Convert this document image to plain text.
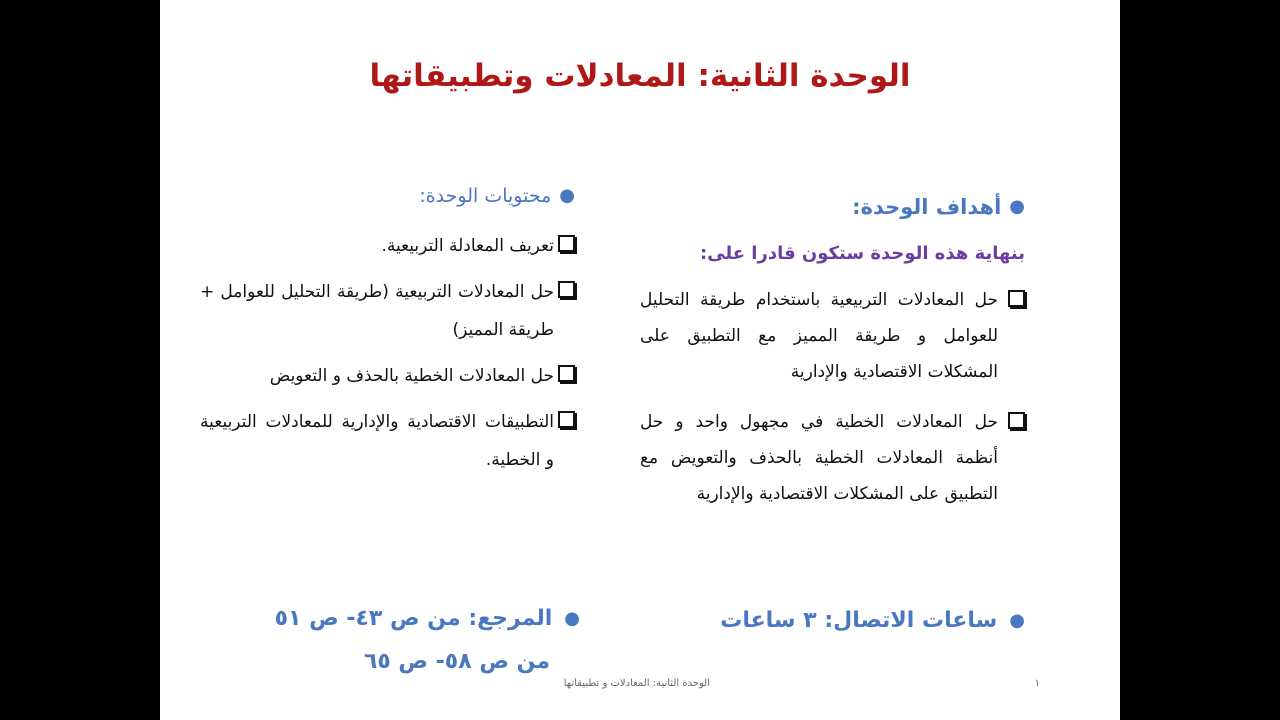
الوحدة الثانية: المعادلات وتطبيقاتها
●
أهداف الوحدة:
بنهاية هذه الوحدة ستكون قادرا على:
حل المعادلات التربيعية باستخدام طريقة التحليل للعوامل و طريقة المميز مع التطبيق على المشكلات الاقتصادية والإدارية
حل المعادلات الخطية في مجهول واحد و حل أنظمة المعادلات الخطية بالحذف والتعويض مع التطبيق على المشكلات الاقتصادية والإدارية
●
محتويات الوحدة:
تعريف المعادلة التربيعية.
حل المعادلات التربيعية (طريقة التحليل للعوامل + طريقة المميز)
حل المعادلات الخطية بالحذف و التعويض
التطبيقات الاقتصادية والإدارية للمعادلات التربيعية و الخطية.
●
ساعات الاتصال: ٣ ساعات
●
المرجع: من ص ٤٣- ص ٥١
من ص ٥٨- ص ٦٥
١
الوحدة الثانية: المعادلات و تطبيقاتها
